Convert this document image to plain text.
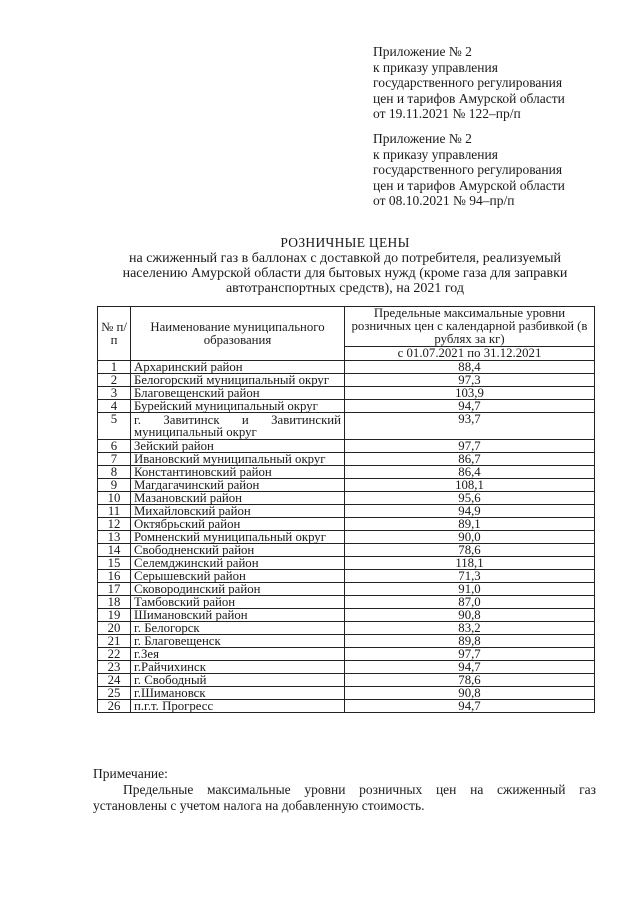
Приложение № 2
к приказу управления
государственного регулирования
цен и тарифов Амурской области
от 19.11.2021 № 122–пр/п
Приложение № 2
к приказу управления
государственного регулирования
цен и тарифов Амурской области
от 08.10.2021 № 94–пр/п
РОЗНИЧНЫЕ ЦЕНЫ
на сжиженный газ в баллонах с доставкой до потребителя, реализуемый
населению Амурской области для бытовых нужд (кроме газа для заправки
автотранспортных средств), на 2021 год
№ п/п	Наименование муниципального образования	Предельные максимальные уровни розничных цен с календарной разбивкой (в рублях за кг)
		с 01.07.2021 по 31.12.2021
1	Архаринский район	88,4
2	Белогорский муниципальный округ	97,3
3	Благовещенский район	103,9
4	Бурейский муниципальный округ	94,7
5	г. Завитинск и Завитинский
муниципальный округ	93,7
6	Зейский район	97,7
7	Ивановский муниципальный округ	86,7
8	Константиновский район	86,4
9	Магдагачинский район	108,1
10	Мазановский район	95,6
11	Михайловский район	94,9
12	Октябрьский район	89,1
13	Ромненский муниципальный округ	90,0
14	Свободненский район	78,6
15	Селемджинский район	118,1
16	Серышевский район	71,3
17	Сковородинский район	91,0
18	Тамбовский район	87,0
19	Шимановский район	90,8
20	г. Белогорск	83,2
21	г. Благовещенск	89,8
22	г.Зея	97,7
23	г.Райчихинск	94,7
24	г. Свободный	78,6
25	г.Шимановск	90,8
26	п.г.т. Прогресс	94,7
Примечание:
Предельные максимальные уровни розничных цен на сжиженный газ установлены с учетом налога на добавленную стоимость.
